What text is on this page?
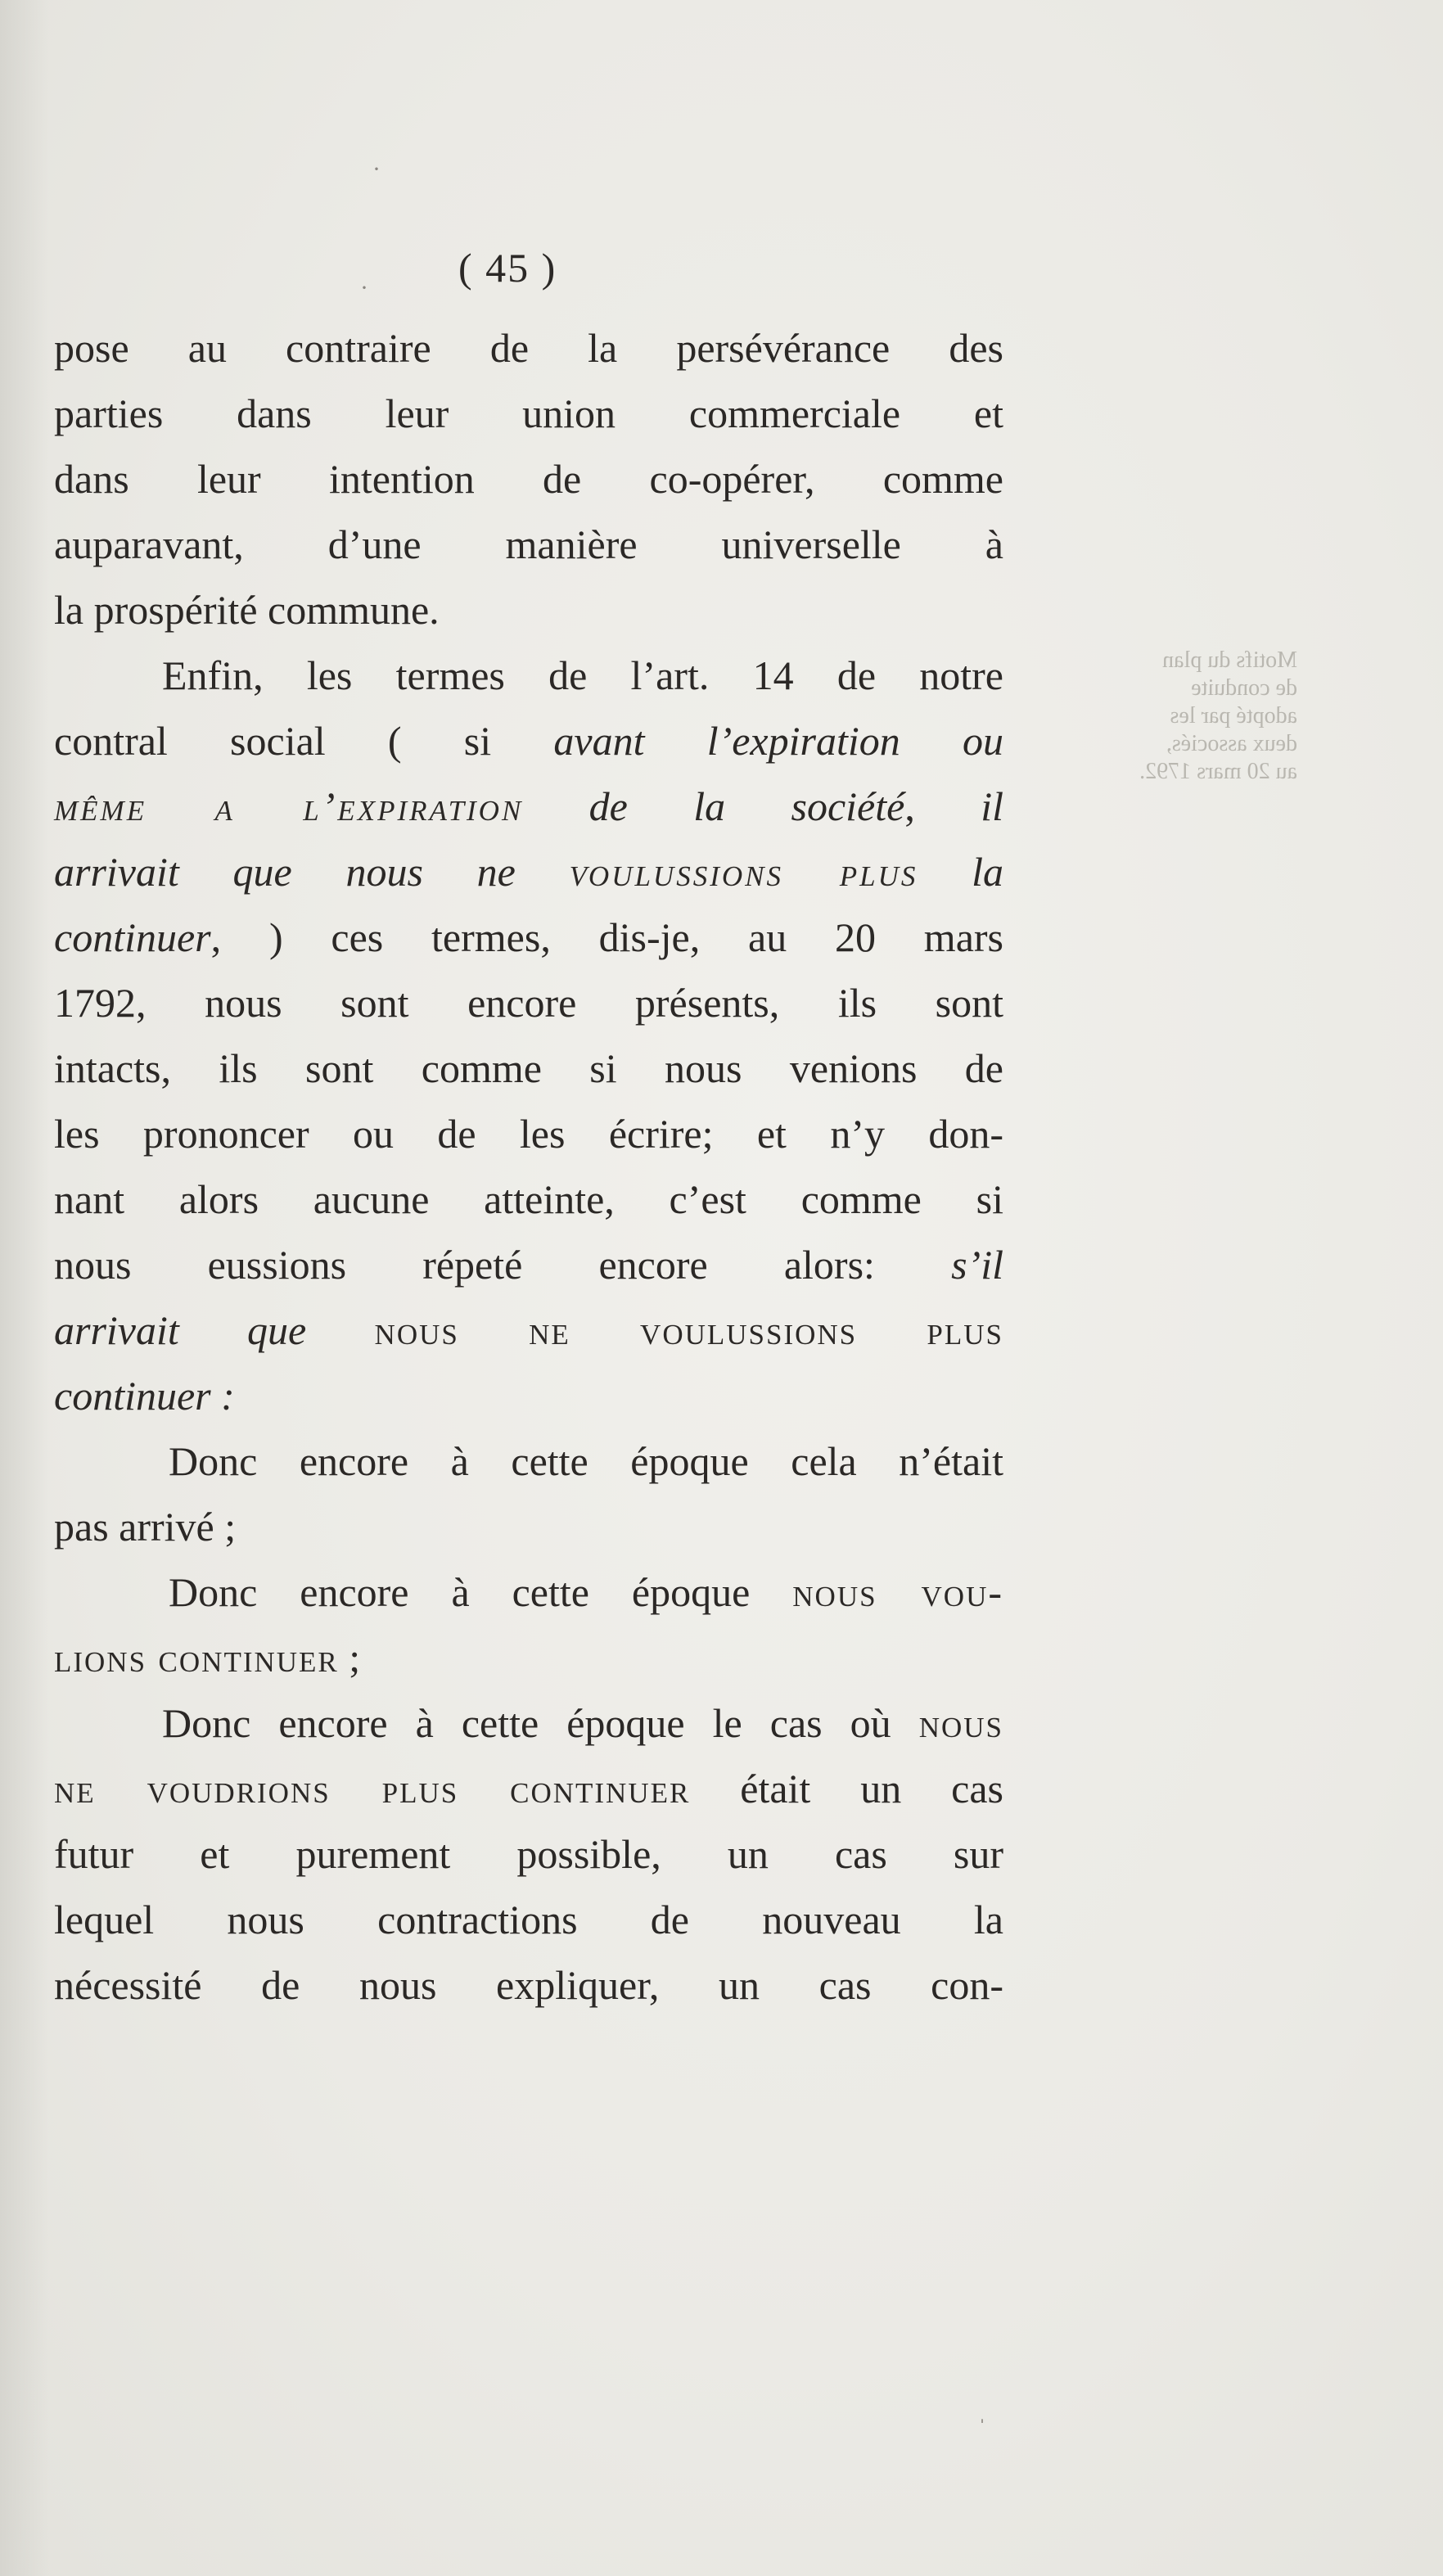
·
·
ˈ
Motifs du plan
de conduite
adopté par les
deux associés,
au 20 mars 1792.
( 45 )
pose au contraire de la persévérance des
parties dans leur union commerciale et
dans leur intention de co-opérer, comme
auparavant, d’une manière universelle à
la prospérité commune.
Enfin, les termes de l’art. 14 de notre
contral social ( si avant l’expiration ou
même a l’expiration de la société, il
arrivait que nous ne voulussions plus la
continuer, ) ces termes, dis-je, au 20 mars
1792, nous sont encore présents, ils sont
intacts, ils sont comme si nous venions de
les prononcer ou de les écrire; et n’y don-
nant alors aucune atteinte, c’est comme si
nous eussions répeté encore alors: s’il
arrivait que nous ne voulussions plus
continuer :
Donc encore à cette époque cela n’était
pas arrivé ;
Donc encore à cette époque nous vou-
lions continuer ;
Donc encore à cette époque le cas où nous
ne voudrions plus continuer était un cas
futur et purement possible, un cas sur
lequel nous contractions de nouveau la
nécessité de nous expliquer, un cas con-
